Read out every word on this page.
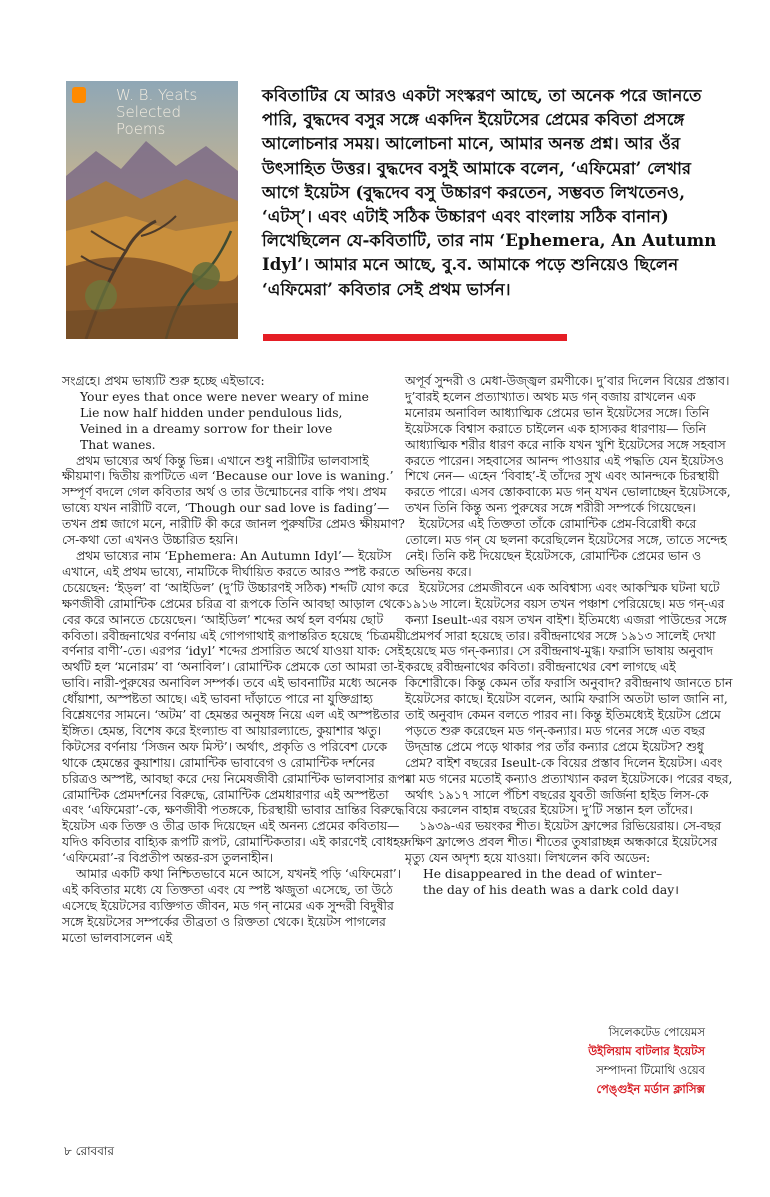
W. B. Yeats
Selected
Poems
কবিতাটির যে আরও একটা সংস্করণ আছে, তা অনেক পরে জানতে পারি, বুদ্ধদেব বসুর সঙ্গে একদিন ইয়েটসের প্রেমের কবিতা প্রসঙ্গে আলোচনার সময়। আলোচনা মানে, আমার অনন্ত প্রশ্ন। আর ওঁর উৎসাহিত উত্তর। বুদ্ধদেব বসুই আমাকে বলেন, ‘এফিমেরা’ লেখার আগে ইয়েটস (বুদ্ধদেব বসু উচ্চারণ করতেন, সম্ভবত লিখতেনও, ‘এটস্’। এবং এটাই সঠিক উচ্চারণ এবং বাংলায় সঠিক বানান) লিখেছিলেন যে-কবিতাটি, তার নাম ‘Ephemera, An Autumn Idyl’। আমার মনে আছে, বু.ব. আমাকে পড়ে শুনিয়েও ছিলেন ‘এফিমেরা’ কবিতার সেই প্রথম ভার্সন।

সংগ্রহে। প্রথম ভাষ্যটি শুরু হচ্ছে এইভাবে:

Your eyes that once were never weary of mine
Lie now half hidden under pendulous lids,
Veined in a dreamy sorrow for their love
That wanes.

প্রথম ভাষ্যের অর্থ কিন্তু ভিন্ন। এখানে শুধু নারীটির ভালবাসাই ক্ষীয়মাণ। দ্বিতীয় রূপটিতে এল ‘Because our love is waning.’ সম্পূর্ণ বদলে গেল কবিতার অর্থ ও তার উন্মোচনের বাকি পথ। প্রথম ভাষ্যে যখন নারীটি বলে, ‘Though our sad love is fading’— তখন প্রশ্ন জাগে মনে, নারীটি কী করে জানল পুরুষটির প্রেমও ক্ষীয়মাণ? সে-কথা তো এখনও উচ্চারিত হয়নি।

প্রথম ভাষ্যের নাম ‘Ephemera: An Autumn Idyl’— ইয়েটস এখানে, এই প্রথম ভাষ্যে, নামটিকে দীর্ঘায়িত করতে আরও স্পষ্ট করতে চেয়েছেন: ‘ইড্‌ল’ বা ‘আইডিল’ (দু’টি উচ্চারণই সঠিক) শব্দটি যোগ করে ক্ষণজীবী রোমান্টিক প্রেমের চরিত্র বা রূপকে তিনি আবছা আড়াল থেকে বের করে আনতে চেয়েছেন। ‘আইডিল’ শব্দের অর্থ হল বর্ণময় ছোট কবিতা। রবীন্দ্রনাথের বর্ণনায় এই গোপগাথাই রূপান্তরিত হয়েছে ‘চিত্রময়ী বর্ণনার বাণী’-তে। এরপর ‘idyl’ শব্দের প্রসারিত অর্থে যাওয়া যাক: সেই অর্থটি হল ‘মনোরম’ বা ‘অনাবিল’। রোমান্টিক প্রেমকে তো আমরা তা-ই ভাবি। নারী-পুরুষের অনাবিল সম্পর্ক। তবে এই ভাবনাটির মধ্যে অনেক ধোঁয়াশা, অস্পষ্টতা আছে। এই ভাবনা দাঁড়াতে পারে না যুক্তিগ্রাহ্য বিশ্লেষণের সামনে। ‘অটম’ বা হেমন্তর অনুষঙ্গ নিয়ে এল এই অস্পষ্টতার ইঙ্গিত। হেমন্ত, বিশেষ করে ইংল্যান্ড বা আয়ারল্যান্ডে, কুয়াশার ঋতু। কিটসের বর্ণনায় ‘সিজন অফ মিস্ট’। অর্থাৎ, প্রকৃতি ও পরিবেশ ঢেকে থাকে হেমন্তের কুয়াশায়। রোমান্টিক ভাবাবেগ ও রোমান্টিক দর্শনের চরিত্রও অস্পষ্ট, আবছা করে দেয় নিমেষজীবী রোমান্টিক ভালবাসার রূপ। রোমান্টিক প্রেমদর্শনের বিরুদ্ধে, রোমান্টিক প্রেমধারণার এই অস্পষ্টতা এবং ‘এফিমেরা’-কে, ক্ষণজীবী পতঙ্গকে, চিরস্থায়ী ভাবার ভ্রান্তির বিরুদ্ধে ইয়েটস এক তিক্ত ও তীব্র ডাক দিয়েছেন এই অনন্য প্রেমের কবিতায়— যদিও কবিতার বাহ্যিক রূপটি রূপট, রোমান্টিকতার। এই কারণেই বোধহয় ‘এফিমেরা’-র বিপ্রতীপ অন্তর-রস তুলনাহীন।

আমার একটি কথা নিশ্চিতভাবে মনে আসে, যখনই পড়ি ‘এফিমেরা’। এই কবিতার মধ্যে যে তিক্ততা এবং যে স্পষ্ট ঋজুতা এসেছে, তা উঠে এসেছে ইয়েটসের ব্যক্তিগত জীবন, মড গন্‌ নামের এক সুন্দরী বিদুষীর সঙ্গে ইয়েটসের সম্পর্কের তীব্রতা ও রিক্ততা থেকে। ইয়েটস পাগলের মতো ভালবাসলেন এই

অপূর্ব সুন্দরী ও মেধা-উজ্জ্বল রমণীকে। দু’বার দিলেন বিয়ের প্রস্তাব। দু’বারই হলেন প্রত্যাখ্যাত। অথচ মড গন্‌ বজায় রাখলেন এক মনোরম অনাবিল আধ্যাত্মিক প্রেমের ভান ইয়েটসের সঙ্গে। তিনি ইয়েটসকে বিশ্বাস করাতে চাইলেন এক হাস্যকর ধারণায়— তিনি আধ্যাত্মিক শরীর ধারণ করে নাকি যখন খুশি ইয়েটসের সঙ্গে সহবাস করতে পারেন। সহবাসের আনন্দ পাওয়ার এই পদ্ধতি যেন ইয়েটসও শিখে নেন— এহেন ‘বিবাহ’-ই তাঁদের সুখ এবং আনন্দকে চিরস্থায়ী করতে পারে। এসব স্তোকবাক্যে মড গন্‌ যখন ভোলাচ্ছেন ইয়েটসকে, তখন তিনি কিন্তু অন্য পুরুষের সঙ্গে শরীরী সম্পর্কে গিয়েছেন।

ইয়েটসের এই তিক্ততা তাঁকে রোমান্টিক প্রেম-বিরোধী করে তোলে। মড গন্‌ যে ছলনা করেছিলেন ইয়েটসের সঙ্গে, তাতে সন্দেহ নেই। তিনি কষ্ট দিয়েছেন ইয়েটসকে, রোমান্টিক প্রেমের ভান ও অভিনয় করে।

ইয়েটসের প্রেমজীবনে এক অবিশ্বাস্য এবং আকস্মিক ঘটনা ঘটে ১৯১৬ সালে। ইয়েটসের বয়স তখন পঞ্চাশ পেরিয়েছে। মড গন্‌-এর কন্যা Iseult-এর বয়স তখন বাইশ। ইতিমধ্যে এজরা পাউন্ডের সঙ্গে প্রেমপর্ব সারা হয়েছে তার। রবীন্দ্রনাথের সঙ্গে ১৯১৩ সালেই দেখা হয়েছে মড গন্‌-কন্যার। সে রবীন্দ্রনাথ-মুগ্ধ। ফরাসি ভাষায় অনুবাদ করছে রবীন্দ্রনাথের কবিতা। রবীন্দ্রনাথের বেশ লাগছে এই কিশোরীকে। কিন্তু কেমন তাঁর ফরাসি অনুবাদ? রবীন্দ্রনাথ জানতে চান ইয়েটসের কাছে। ইয়েটস বলেন, আমি ফরাসি অতটা ভাল জানি না, তাই অনুবাদ কেমন বলতে পারব না। কিন্তু ইতিমধ্যেই ইয়েটস প্রেমে পড়তে শুরু করেছেন মড গন্‌-কন্যার। মড গনের সঙ্গে এত বছর উদ্‌ভ্রান্ত প্রেমে পড়ে থাকার পর তাঁর কন্যার প্রেমে ইয়েটস? শুধু প্রেম? বাইশ বছরের Iseult-কে বিয়ের প্রস্তাব দিলেন ইয়েটস। এবং মা মড গনের মতোই কন্যাও প্রত্যাখ্যান করল ইয়েটসকে। পরের বছর, অর্থাৎ ১৯১৭ সালে পঁচিশ বছরের যুবতী জর্জিনা হাইড লিস-কে বিয়ে করলেন বাহান্ন বছরের ইয়েটস। দু’টি সন্তান হল তাঁদের।

১৯৩৯-এর ভয়ংকর শীত। ইয়েটস ফ্রান্সের রিভিয়েরায়। সে-বছর দক্ষিণ ফ্রান্সেও প্রবল শীত। শীতের তুষারাচ্ছন্ন অন্ধকারে ইয়েটসের মৃত্যু যেন অদৃশ্য হয়ে যাওয়া। লিখলেন কবি অডেন:

He disappeared in the dead of winter–
the day of his death was a dark cold day।
সিলেকটেড পোয়েমস
উইলিয়াম বাটলার ইয়েটস
সম্পাদনা টিমোথি ওয়েব
পেঙ্গুইন মর্ডান ক্লাসিক্স
৮ রোববার
